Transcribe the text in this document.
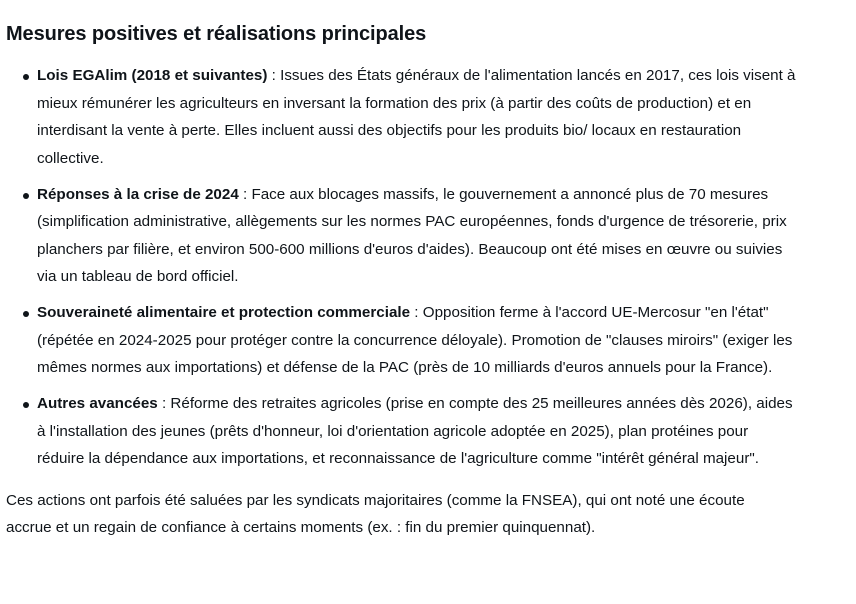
Mesures positives et réalisations principales
Lois EGAlim (2018 et suivantes) : Issues des États généraux de l'alimentation lancés en 2017, ces lois visent à mieux rémunérer les agriculteurs en inversant la formation des prix (à partir des coûts de production) et en interdisant la vente à perte. Elles incluent aussi des objectifs pour les produits bio/ locaux en restauration collective.
Réponses à la crise de 2024 : Face aux blocages massifs, le gouvernement a annoncé plus de 70 mesures (simplification administrative, allègements sur les normes PAC européennes, fonds d'urgence de trésorerie, prix planchers par filière, et environ 500-600 millions d'euros d'aides). Beaucoup ont été mises en œuvre ou suivies via un tableau de bord officiel.
Souveraineté alimentaire et protection commerciale : Opposition ferme à l'accord UE-Mercosur "en l'état" (répétée en 2024-2025 pour protéger contre la concurrence déloyale). Promotion de "clauses miroirs" (exiger les mêmes normes aux importations) et défense de la PAC (près de 10 milliards d'euros annuels pour la France).
Autres avancées : Réforme des retraites agricoles (prise en compte des 25 meilleures années dès 2026), aides à l'installation des jeunes (prêts d'honneur, loi d'orientation agricole adoptée en 2025), plan protéines pour réduire la dépendance aux importations, et reconnaissance de l'agriculture comme "intérêt général majeur".

Ces actions ont parfois été saluées par les syndicats majoritaires (comme la FNSEA), qui ont noté une écoute accrue et un regain de confiance à certains moments (ex. : fin du premier quinquennat).
